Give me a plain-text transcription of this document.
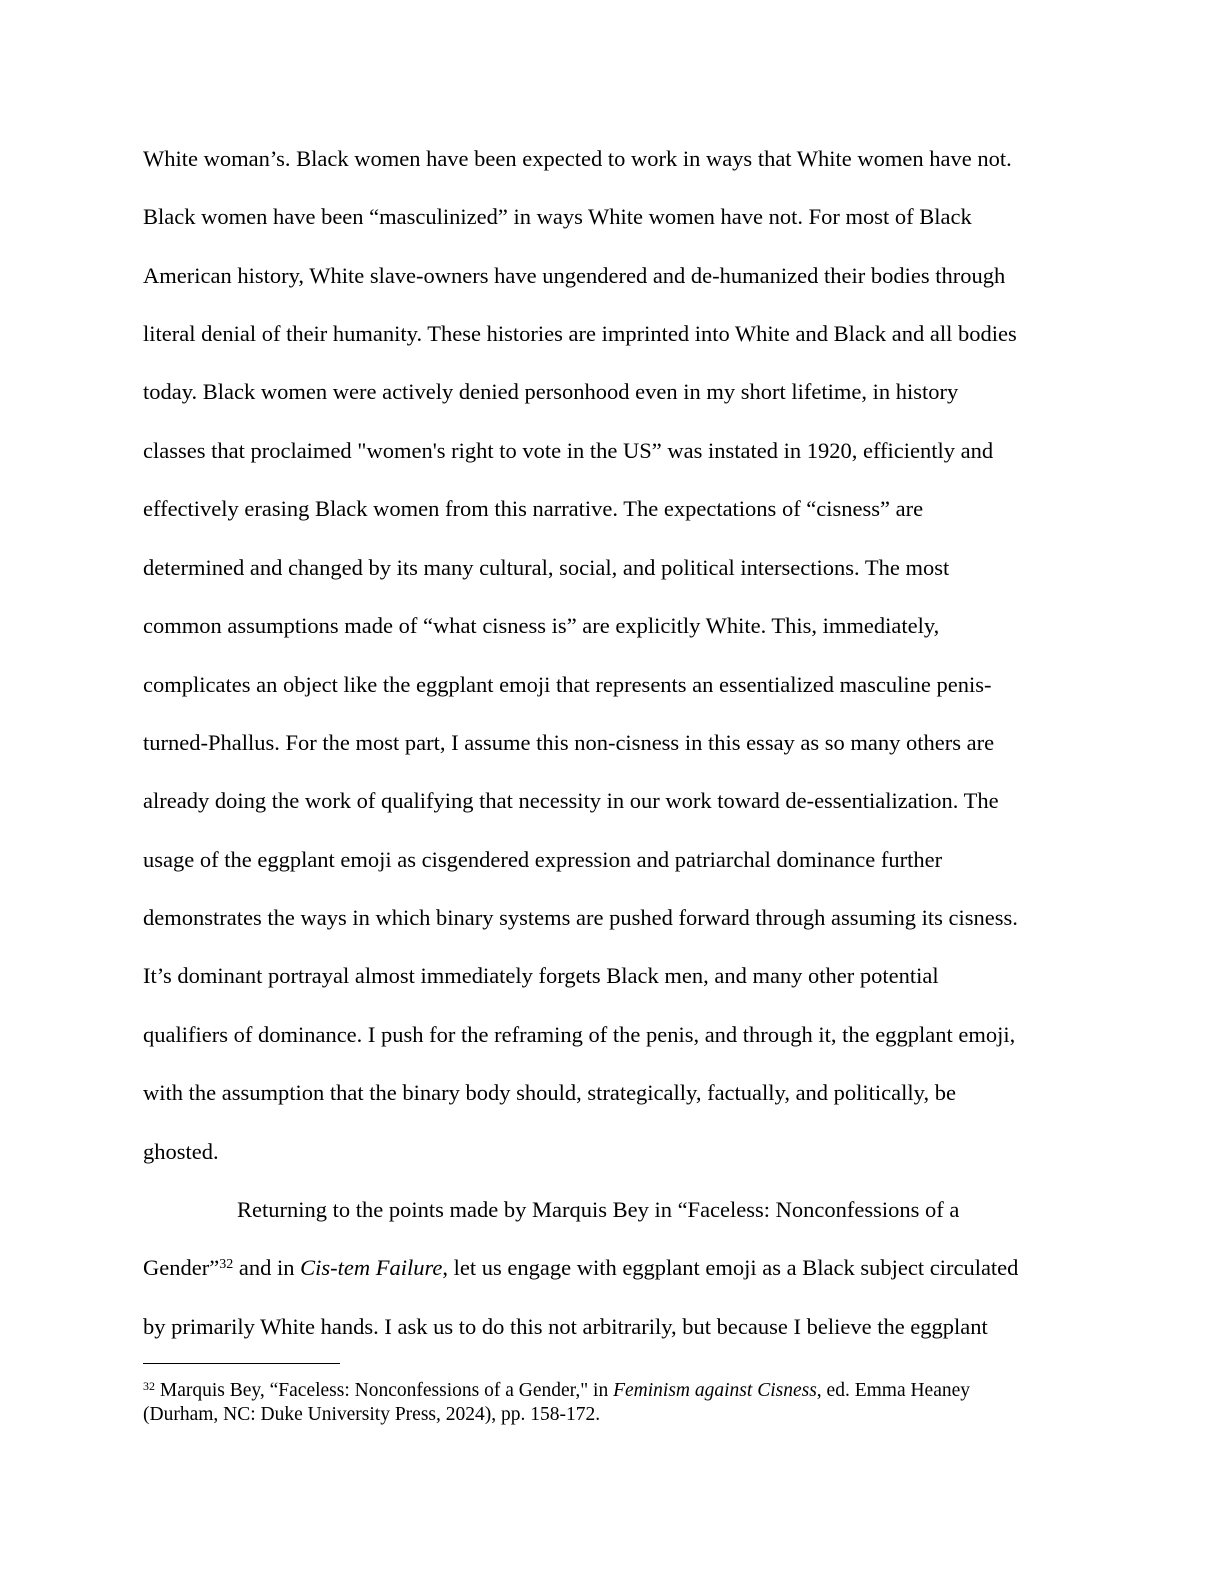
White woman’s. Black women have been expected to work in ways that White women have not.
Black women have been “masculinized” in ways White women have not. For most of Black
American history, White slave-owners have ungendered and de-humanized their bodies through
literal denial of their humanity. These histories are imprinted into White and Black and all bodies
today. Black women were actively denied personhood even in my short lifetime, in history
classes that proclaimed "women's right to vote in the US” was instated in 1920, efficiently and
effectively erasing Black women from this narrative. The expectations of “cisness” are
determined and changed by its many cultural, social, and political intersections. The most
common assumptions made of “what cisness is” are explicitly White. This, immediately,
complicates an object like the eggplant emoji that represents an essentialized masculine penis-
turned-Phallus. For the most part, I assume this non-cisness in this essay as so many others are
already doing the work of qualifying that necessity in our work toward de-essentialization. The
usage of the eggplant emoji as cisgendered expression and patriarchal dominance further
demonstrates the ways in which binary systems are pushed forward through assuming its cisness.
It’s dominant portrayal almost immediately forgets Black men, and many other potential
qualifiers of dominance. I push for the reframing of the penis, and through it, the eggplant emoji,
with the assumption that the binary body should, strategically, factually, and politically, be
ghosted.
Returning to the points made by Marquis Bey in “Faceless: Nonconfessions of a
Gender”$^{32}$ and in Cis-tem Failure, let us engage with eggplant emoji as a Black subject circulated
by primarily White hands. I ask us to do this not arbitrarily, but because I believe the eggplant
$^{32}$ Marquis Bey, “Faceless: Nonconfessions of a Gender," in Feminism against Cisness, ed. Emma Heaney
(Durham, NC: Duke University Press, 2024), pp. 158-172.
